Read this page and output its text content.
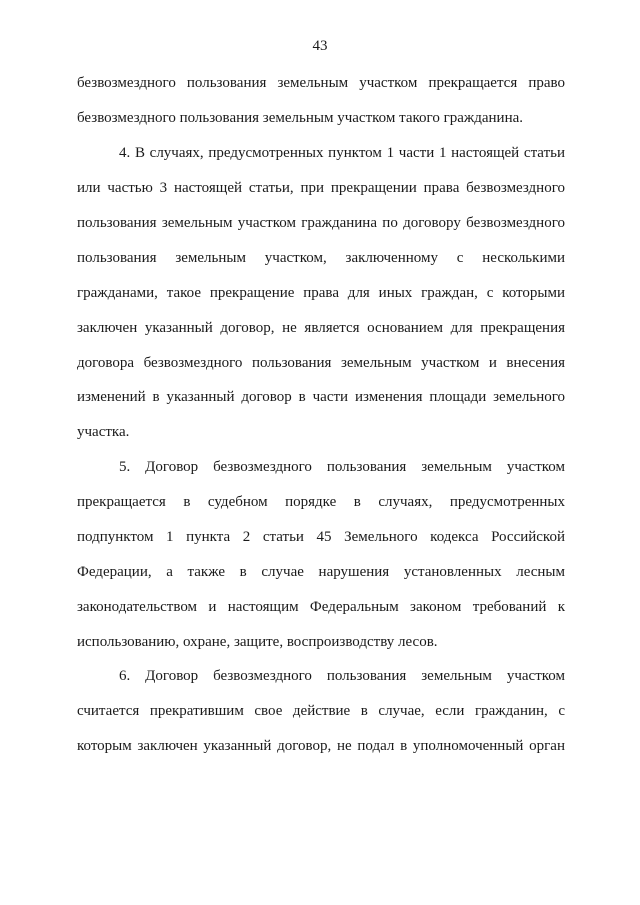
43
безвозмездного пользования земельным участком прекращается право
безвозмездного пользования земельным участком такого гражданина.
4. В случаях, предусмотренных пунктом 1 части 1 настоящей статьи
или частью 3 настоящей статьи, при прекращении права безвозмездного
пользования земельным участком гражданина по договору безвозмездного
пользования земельным участком, заключенному с несколькими
гражданами, такое прекращение права для иных граждан, с которыми
заключен указанный договор, не является основанием для прекращения
договора безвозмездного пользования земельным участком и внесения
изменений в указанный договор в части изменения площади земельного
участка.
5. Договор безвозмездного пользования земельным участком
прекращается в судебном порядке в случаях, предусмотренных
подпунктом 1 пункта 2 статьи 45 Земельного кодекса Российской
Федерации, а также в случае нарушения установленных лесным
законодательством и настоящим Федеральным законом требований к
использованию, охране, защите, воспроизводству лесов.
6. Договор безвозмездного пользования земельным участком
считается прекратившим свое действие в случае, если гражданин, с
которым заключен указанный договор, не подал в уполномоченный орган
